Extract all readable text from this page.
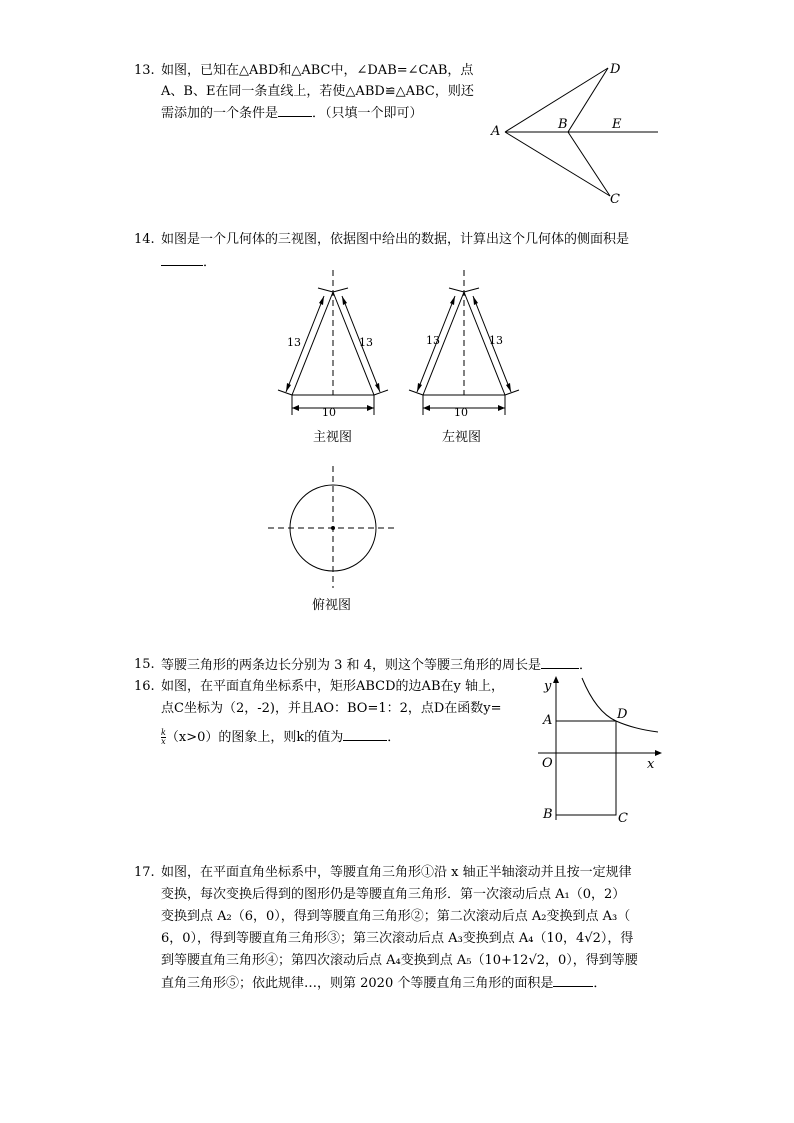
13. 如图，已知在△ABD和△ABC中，∠DAB=∠CAB，点
A、B、E在同一条直线上，若使△ABD≌△ABC，则还
需添加的一个条件是	．（只填一个即可）
A	B	E
D
C
14. 如图是一个几何体的三视图，依据图中给出的数据，计算出这个几何体的侧面积是
．
13	13
10
主视图
13	13
10
左视图
俯视图
15. 等腰三角形的两条边长分别为 3 和 4，则这个等腰三角形的周长是	．
16. 如图，在平面直角坐标系中，矩形ABCD的边AB在y 轴上，
点C坐标为（2，-2)，并且AO：BO=1：2，点D在函数y=
$\frac{k}{x} (x>0)$的图象上，则k的值为	．
y
x
O
A	D
B	C
17. 如图，在平面直角坐标系中，等腰直角三角形①沿 x 轴正半轴滚动并且按一定规律
变换，每次变换后得到的图形仍是等腰直角三角形．第一次滚动后点 A₁（0，2）
变换到点 A₂（6，0），得到等腰直角三角形②；第二次滚动后点 A₂变换到点 A₃（
6，0），得到等腰直角三角形③；第三次滚动后点 A₃变换到点 A₄（10，4√2），得
到等腰直角三角形④；第四次滚动后点 A₄变换到点 A₅（10+12√2，0），得到等腰
直角三角形⑤；依此规律…，则第 2020 个等腰直角三角形的面积是	．
